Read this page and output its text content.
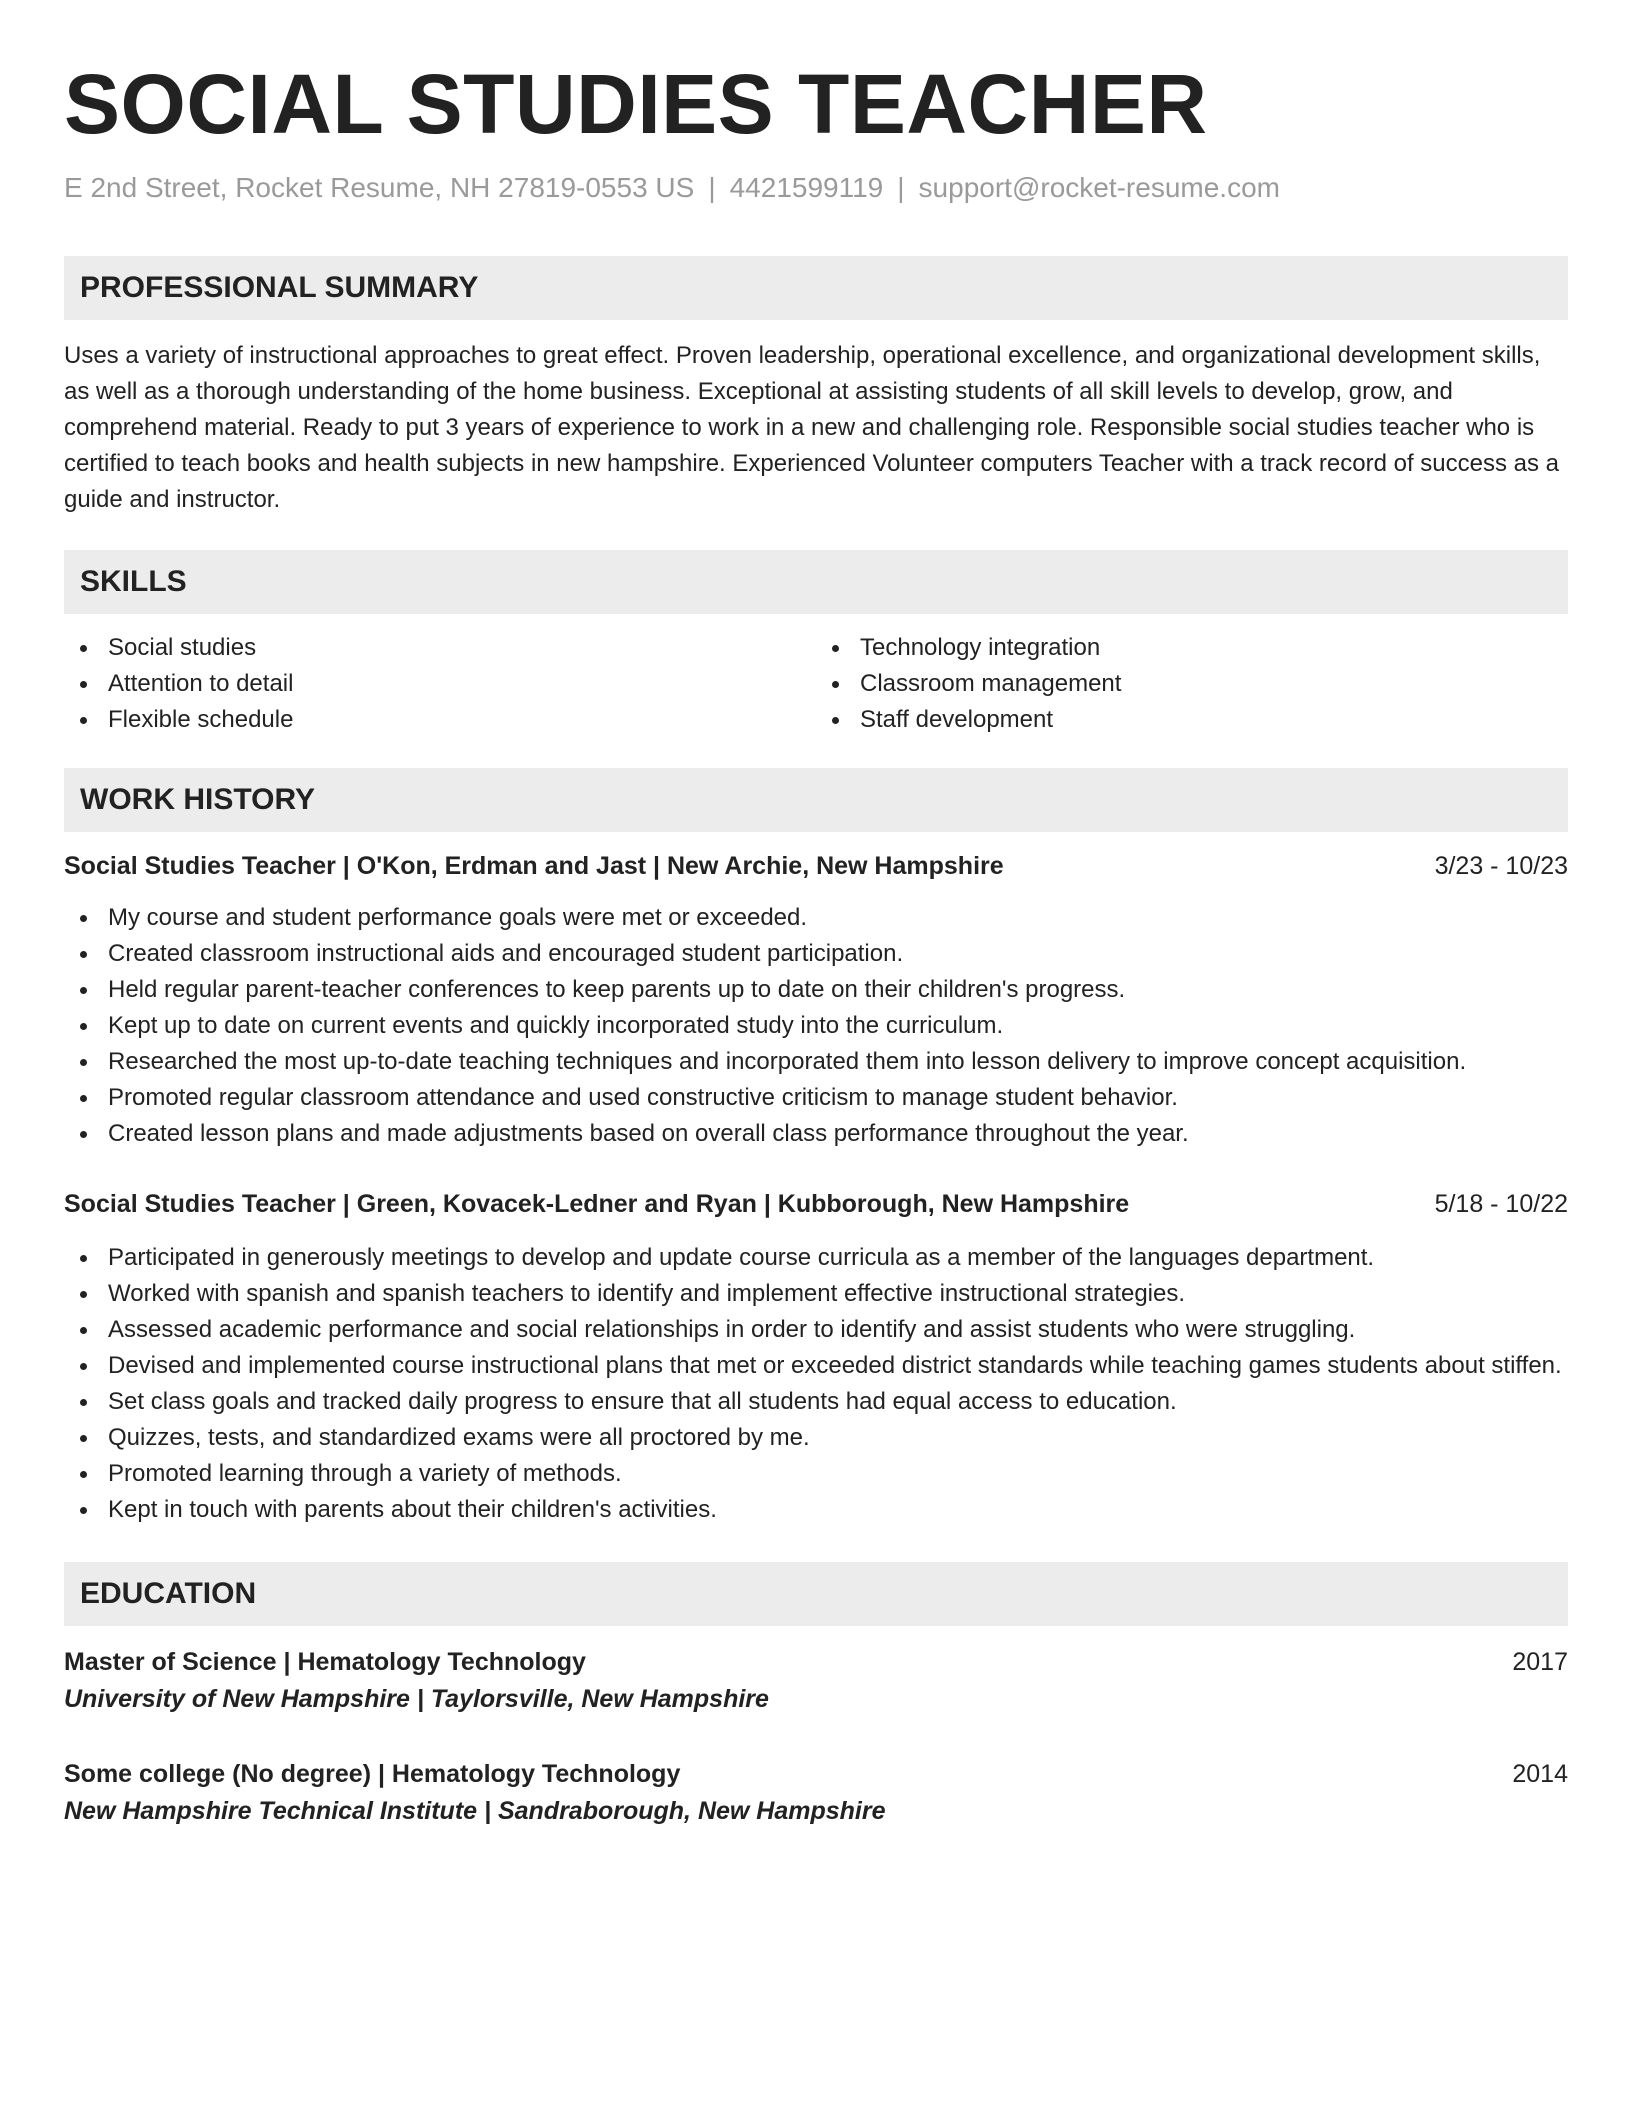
SOCIAL STUDIES TEACHER
E 2nd Street, Rocket Resume, NH 27819-0553 US | 4421599119 | support@rocket-resume.com
PROFESSIONAL SUMMARY

Uses a variety of instructional approaches to great effect. Proven leadership, operational excellence, and organizational development skills, as well as a thorough understanding of the home business. Exceptional at assisting students of all skill levels to develop, grow, and comprehend material. Ready to put 3 years of experience to work in a new and challenging role. Responsible social studies teacher who is certified to teach books and health subjects in new hampshire. Experienced Volunteer computers Teacher with a track record of success as a guide and instructor.

SKILLS
Social studies
Attention to detail
Flexible schedule
Technology integration
Classroom management
Staff development
WORK HISTORY
Social Studies Teacher | O'Kon, Erdman and Jast | New Archie, New Hampshire	3/23 - 10/23
My course and student performance goals were met or exceeded.
Created classroom instructional aids and encouraged student participation.
Held regular parent-teacher conferences to keep parents up to date on their children's progress.
Kept up to date on current events and quickly incorporated study into the curriculum.
Researched the most up-to-date teaching techniques and incorporated them into lesson delivery to improve concept acquisition.
Promoted regular classroom attendance and used constructive criticism to manage student behavior.
Created lesson plans and made adjustments based on overall class performance throughout the year.
Social Studies Teacher | Green, Kovacek-Ledner and Ryan | Kubborough, New Hampshire	5/18 - 10/22
Participated in generously meetings to develop and update course curricula as a member of the languages department.
Worked with spanish and spanish teachers to identify and implement effective instructional strategies.
Assessed academic performance and social relationships in order to identify and assist students who were struggling.
Devised and implemented course instructional plans that met or exceeded district standards while teaching games students about stiffen.
Set class goals and tracked daily progress to ensure that all students had equal access to education.
Quizzes, tests, and standardized exams were all proctored by me.
Promoted learning through a variety of methods.
Kept in touch with parents about their children's activities.
EDUCATION
Master of Science | Hematology Technology	2017
University of New Hampshire | Taylorsville, New Hampshire
Some college (No degree) | Hematology Technology	2014
New Hampshire Technical Institute | Sandraborough, New Hampshire
